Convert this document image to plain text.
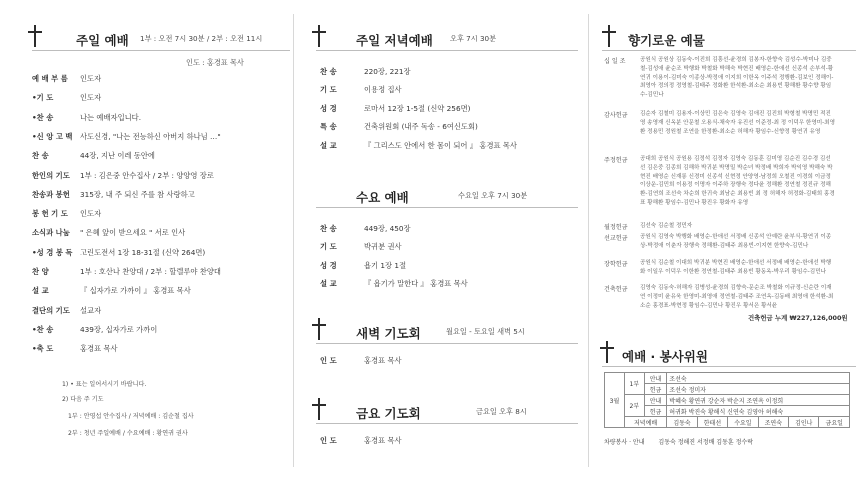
주일 예배 1부 : 오전 7시 30분 / 2부 : 오전 11시
인도 : 홍경표 목사
예 배 부 름 인도자
•기 도	인도자
•찬 송	나는 예배자입니다.
•신 앙 고 백 사도신경, "나는 전능하신 아버지 하나님 …"
찬 송	44장, 지난 이레 동안에
한인의 기도 1부 : 김은중 안수집사 / 2부 : 양양영 장로
찬송과 봉헌 315장, 내 주 되신 주를 참 사랑하고
봉 헌 기 도 인도자
소식과 나눔 " 은혜 앞이 받으세요 " 서로 인사
•성 경 봉 독 고린도전서 1장 18-31절 (신약 264면)
찬 양	1부 : 호산나 찬양대 / 2부 : 할렐루야 찬양대
설 교	『 십자가로 가까이 』 홍경표 목사
결단의 기도 설교자
•찬 송	439장, 십자가로 가까이
•축 도	홍경표 목사
1) • 표는 일어서시기 바랍니다.
2) 다음 주 기도
1부 : 안영섭 안수집사 / 저녁예배 : 김순철 집사
2부 : 청년 주일예배 / 수요예배 : 황연귀 권사
주일 저녁예배 오후 7시 30분
찬 송	220장, 221장
기 도	이용정 집사
성 경	로마서 12장 1-5절 (신약 256면)
특 송	건축위원회 (내주 독송 - 6여신도회)
설 교	『 그리스도 안에서 한 몸이 되어 』 홍경표 목사
수요 예배	수요일 오후 7시 30분
찬 송	449장, 450장
기 도	박귀분 권사
성 경	욥기 1장 1절
설 교	『 욥기가 말한다 』 홍경표 목사
새벽 기도회	월요일 - 토요일 새벽 5시
인 도	홍경표 목사
금요 기도회	금요일 오후 8시
인 도	홍경표 목사
향기로운 예물
십 일 조	공원식 공원상 김동숙-이진희 김흥선-윤경희 김봉자-한향숙 김성수-박미나 김중철-김성애 윤순조 박행화 박철화 박해숙 박현진 배영순-한애선 신종석 손부석-황연귀 이용이-김미숙 이종상-박정애 이지희 이한옥 이주석 정행환-김보인 정해이-최영아 정의정 정영철-김태주 정화환 한석환-최소순 최용빈 황해환 황수향 황임수-김민나
감사헌금 김순자 김철미 김용자-이상민 김은숙 김영숙 김애진 김진희 박형철 박명민 적진영 송영재 신옥분 안문철 오용식-채숙자 유진선 이준정-최 정 이덕우 한영미-최영환 정용민 정원철 조연을 한정환-최소순 허해자 황임수-신향정 황연귀 유영
주정헌금 공대희 공원식 공원용 김정석 김정자 김영숙 김동훈 김미영 김순진 김수경 김선선 김은중 김종희 김해하 박귀분 박명밀 박순녀 박정배 박희자 박익영 박해숙 박현진 배영순 신재롱 신경미 신종석 신현정 안양영-남정희 오철진 이경희 이금정 이상운-김민희 이용정 이명자 이주하 장행숙 정다윤 정해환 정연철 정진규 정해환-김연희 조선숙 차순희 한귀숙 최남순 최용빈 최 정 허해자 허정화-김태희 홍경표 황해환 황임수-김민나 황진우 황화자 유영
월정헌금 김선숙 김순철 정민자
선교헌금 공원식 김영숙 박행화 배영순-한애선 서정배 신종석 안예란 윤부식-황연귀 이종상-박정애 이춘자 장행숙 정해환-김태주 최용빈-이지현 한향숙-김민나
장학헌금 공원식 김순철 이대희 박귀분 박현진 배영순-한애선 서정배 배영순-한애선 박행화 이일우 이덕우 이한환 정연철-김태주 최용빈 황동옥-박우리 황임수-김민나
건축헌금 김영숙 김동숙-허해자 김병성-윤경희 김향숙-문순조 박철화 이규정-신순란 이재연 이정미 윤유욱 한영미-최영애 정연철-김태주 조연옥-김동배 최영애 한석환-최소순 홍경표-박현정 황임수-김민나 황진우 황서은 황서윤
건축헌금 누계 ₩227,126,000원
예배 · 봉사위원
3월	1부	안내	조선숙					
		헌금	조선숙 정미자					
	2부	안내	박혜숙 황연귀 강순자 박순지 조연옥 이정희					
		헌금	허귀화 박진숙 황해식 신연숙 김영아 허해숙					
	저녁예배		김동숙	한태선	수요일	조연숙	김인나	금요일
차량봉사 · 안내 김동숙 정해진 서정배 김동훈 정수락
